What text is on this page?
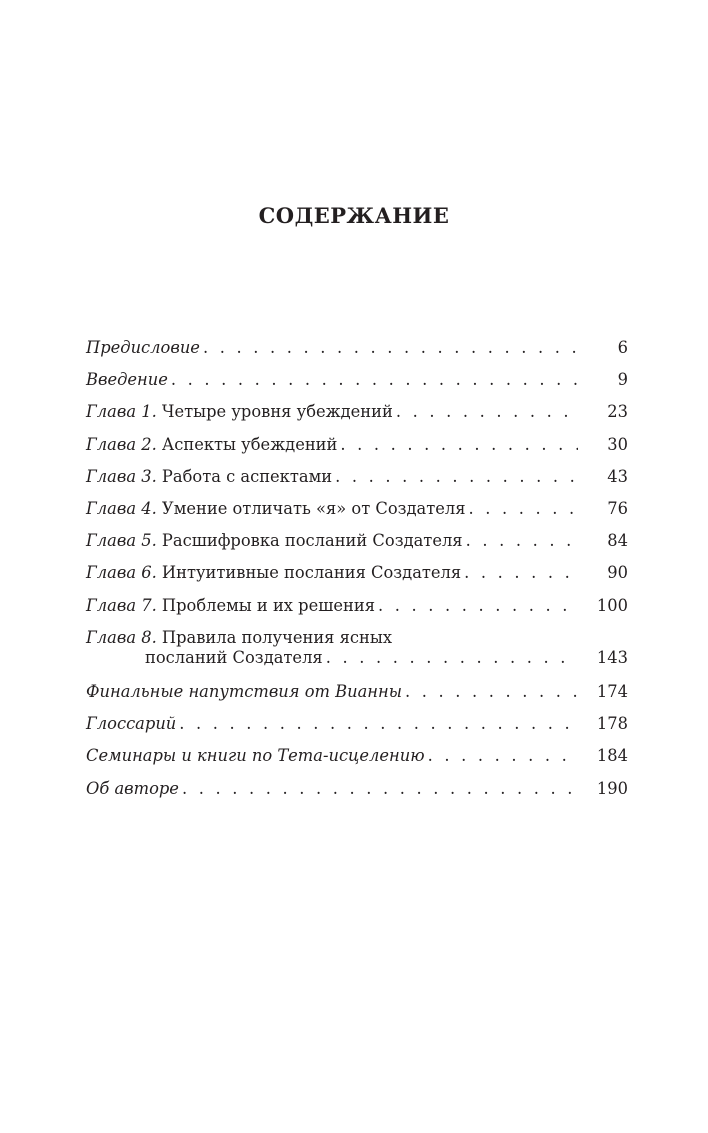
СОДЕРЖАНИЕ
Предисловие . . .	6
Введение . . .	9
Глава 1. Четыре уровня убеждений . . .	23
Глава 2. Аспекты убеждений . . .	30
Глава 3. Работа с аспектами . . .	43
Глава 4. Умение отличать «я» от Создателя . . .	76
Глава 5. Расшифровка посланий Создателя . . .	84
Глава 6. Интуитивные послания Создателя . . .	90
Глава 7. Проблемы и их решения . . .	100
Глава 8. Правила получения ясных
посланий Создателя . . .	143
Финальные напутствия от Вианны . . .	174
Глоссарий . . .	178
Семинары и книги по Тета-исцелению . . .	184
Об авторе . . .	190
